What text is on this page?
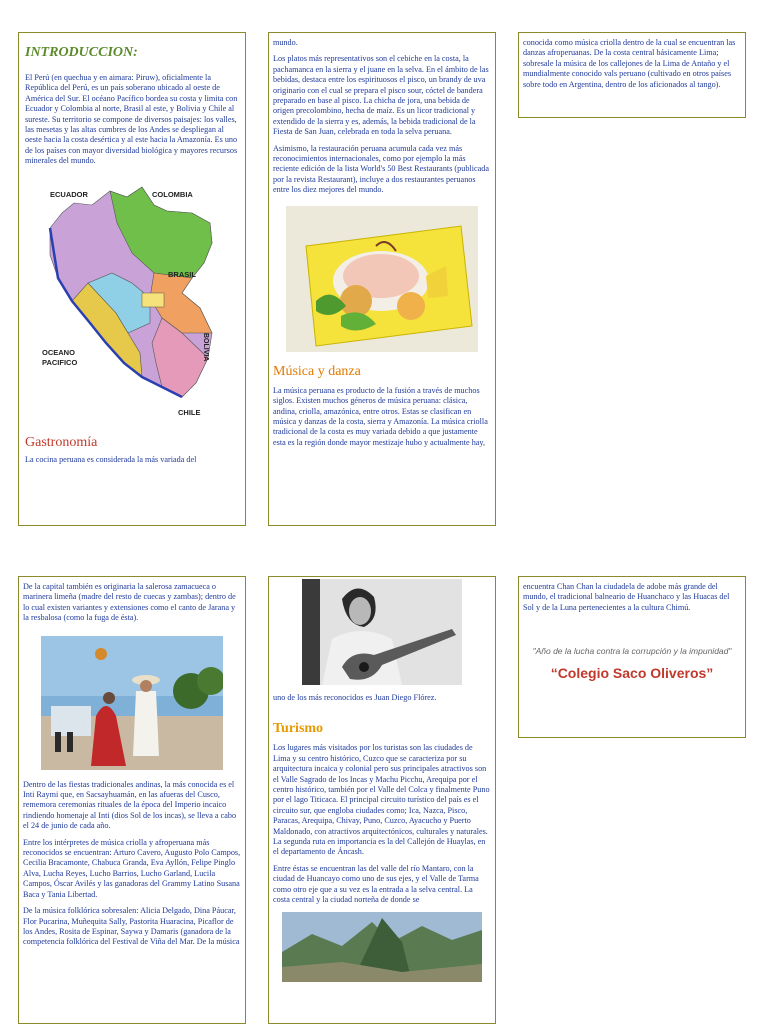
INTRODUCCION:

El Perú (en quechua y en aimara: Piruw), oficialmente la República del Perú, es un país soberano ubicado al oeste de América del Sur. El océano Pacífico bordea su costa y limita con Ecuador y Colombia al norte, Brasil al este, y Bolivia y Chile al sureste. Su territorio se compone de diversos paisajes: los valles, las mesetas y las altas cumbres de los Andes se despliegan al oeste hacia la costa desértica y al este hacia la Amazonía. Es uno de los países con mayor diversidad biológica y mayores recursos minerales del mundo.

ECUADOR	COLOMBIA
BRASIL
BOLIVIA
OCEANO
PACIFICO
CHILE
Gastronomía

La cocina peruana es considerada la más variada del

mundo.

Los platos más representativos son el cebiche en la costa, la pachamanca en la sierra y el juane en la selva. En el ámbito de las bebidas, destaca entre los espirituosos el pisco, un brandy de uva originario con el cual se prepara el pisco sour, cóctel de bandera preparado en base al pisco. La chicha de jora, una bebida de origen precolombino, hecha de maíz. Es un licor tradicional y extendido de la sierra y es, además, la bebida tradicional de la Fiesta de San Juan, celebrada en toda la selva peruana.

Asimismo, la restauración peruana acumula cada vez más reconocimientos internacionales, como por ejemplo la más reciente edición de la lista World's 50 Best Restaurants (publicada por la revista Restaurant), incluye a dos restaurantes peruanos entre los diez mejores del mundo.

Música y danza

La música peruana es producto de la fusión a través de muchos siglos. Existen muchos géneros de música peruana: clásica, andina, criolla, amazónica, entre otros. Estas se clasifican en música y danzas de la costa, sierra y Amazonía. La música criolla tradicional de la costa es muy variada debido a que justamente esta es la región donde mayor mestizaje hubo y actualmente hay,

conocida como música criolla dentro de la cual se encuentran las danzas afroperuanas. De la costa central básicamente Lima; sobresale la música de los callejones de la Lima de Antaño y el mundialmente conocido vals peruano (cultivado en otros países sobre todo en Argentina, dentro de los aficionados al tango).

De la capital también es originaria la salerosa zamacueca o marinera limeña (madre del resto de cuecas y zambas); dentro de lo cual existen variantes y extensiones como el canto de Jarana y la resbalosa (como la fuga de ésta).

Dentro de las fiestas tradicionales andinas, la más conocida es el Inti Raymi que, en Sacsayhuamán, en las afueras del Cusco, rememora ceremonias rituales de la época del Imperio incaico rindiendo homenaje al Inti (dios Sol de los incas), se lleva a cabo el 24 de junio de cada año.

Entre los intérpretes de música criolla y afroperuana más reconocidos se encuentran: Arturo Cavero, Augusto Polo Campos, Cecilia Bracamonte, Chabuca Granda, Eva Ayllón, Felipe Pinglo Alva, Lucha Reyes, Lucho Barrios, Lucho Garland, Lucila Campos, Óscar Avilés y las ganadoras del Grammy Latino Susana Baca y Tania Libertad.

De la música folklórica sobresalen: Alicia Delgado, Dina Páucar, Flor Pucarina, Muñequita Sally, Pastorita Huaracina, Picaflor de los Andes, Rosita de Espinar, Saywa y Damaris (ganadora de la competencia folklórica del Festival de Viña del Mar. De la música

uno de los más reconocidos es Juan Diego Flórez.

Turismo

Los lugares más visitados por los turistas son las ciudades de Lima y su centro histórico, Cuzco que se caracteriza por su arquitectura incaica y colonial pero sus principales atractivos son el Valle Sagrado de los Incas y Machu Picchu, Arequipa por el centro histórico, también por el Valle del Colca y finalmente Puno por el lago Titicaca. El principal circuito turístico del país es el circuito sur, que engloba ciudades como; Ica, Nazca, Pisco, Paracas, Arequipa, Chivay, Puno, Cuzco, Ayacucho y Puerto Maldonado, con atractivos arquitectónicos, culturales y naturales. La segunda ruta en importancia es la del Callejón de Huaylas, en el departamento de Áncash.

Entre éstas se encuentran las del valle del río Mantaro, con la ciudad de Huancayo como uno de sus ejes, y el Valle de Tarma como otro eje que a su vez es la entrada a la selva central. La costa central y la ciudad norteña de donde se

encuentra Chan Chan la ciudadela de adobe más grande del mundo, el tradicional balneario de Huanchaco y las Huacas del Sol y de la Luna pertenecientes a la cultura Chimú.

"Año de la lucha contra la corrupción y la impunidad"
“Colegio Saco Oliveros”
